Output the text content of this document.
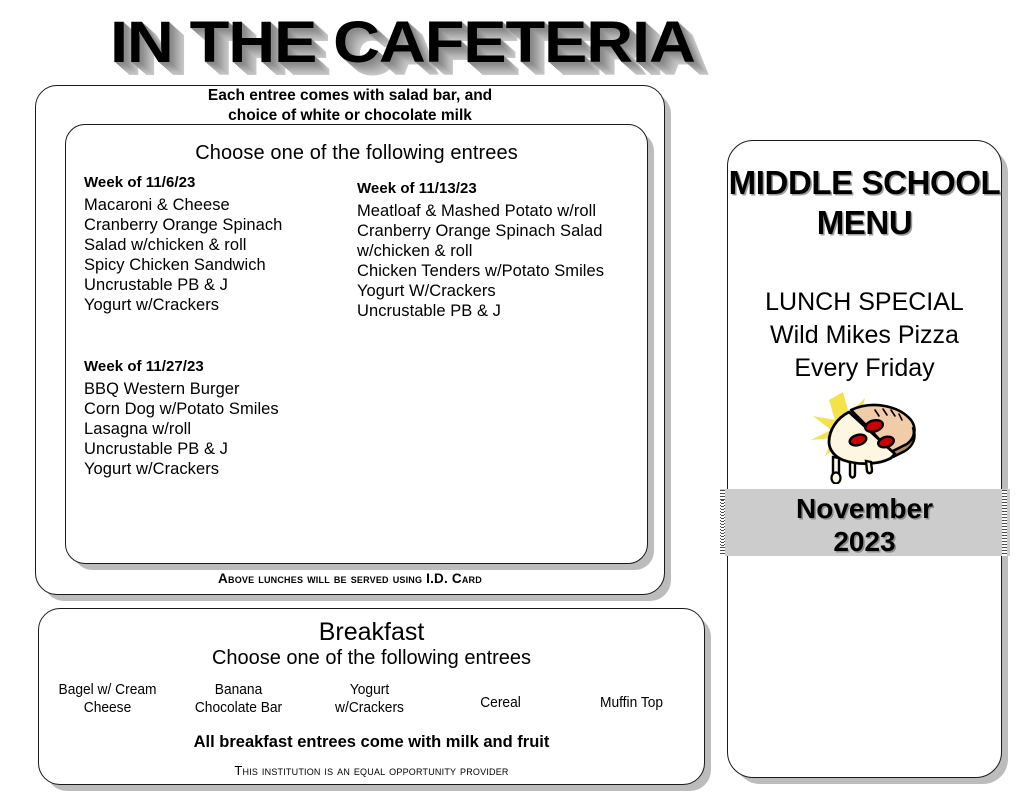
IN THE CAFETERIA
Each entree comes with salad bar, and
choice of white or chocolate milk
Choose one of the following entrees
Week of 11/6/23
Macaroni & Cheese
Cranberry Orange Spinach
Salad w/chicken & roll
Spicy Chicken Sandwich
Uncrustable PB & J
Yogurt w/Crackers
Week of 11/13/23
Meatloaf & Mashed Potato w/roll
Cranberry Orange Spinach Salad
w/chicken & roll
Chicken Tenders w/Potato Smiles
Yogurt W/Crackers
Uncrustable PB & J
Week of 11/27/23
BBQ Western Burger
Corn Dog w/Potato Smiles
Lasagna w/roll
Uncrustable PB & J
Yogurt w/Crackers
Above lunches will be served using I.D. Card
Breakfast
Choose one of the following entrees
Bagel w/ Cream
Cheese
Banana
Chocolate Bar
Yogurt
w/Crackers	Cereal	Muffin Top
All breakfast entrees come with milk and fruit
This institution is an equal opportunity provider
MIDDLE SCHOOL
MENU
LUNCH SPECIAL
Wild Mikes Pizza
Every Friday
November
2023
